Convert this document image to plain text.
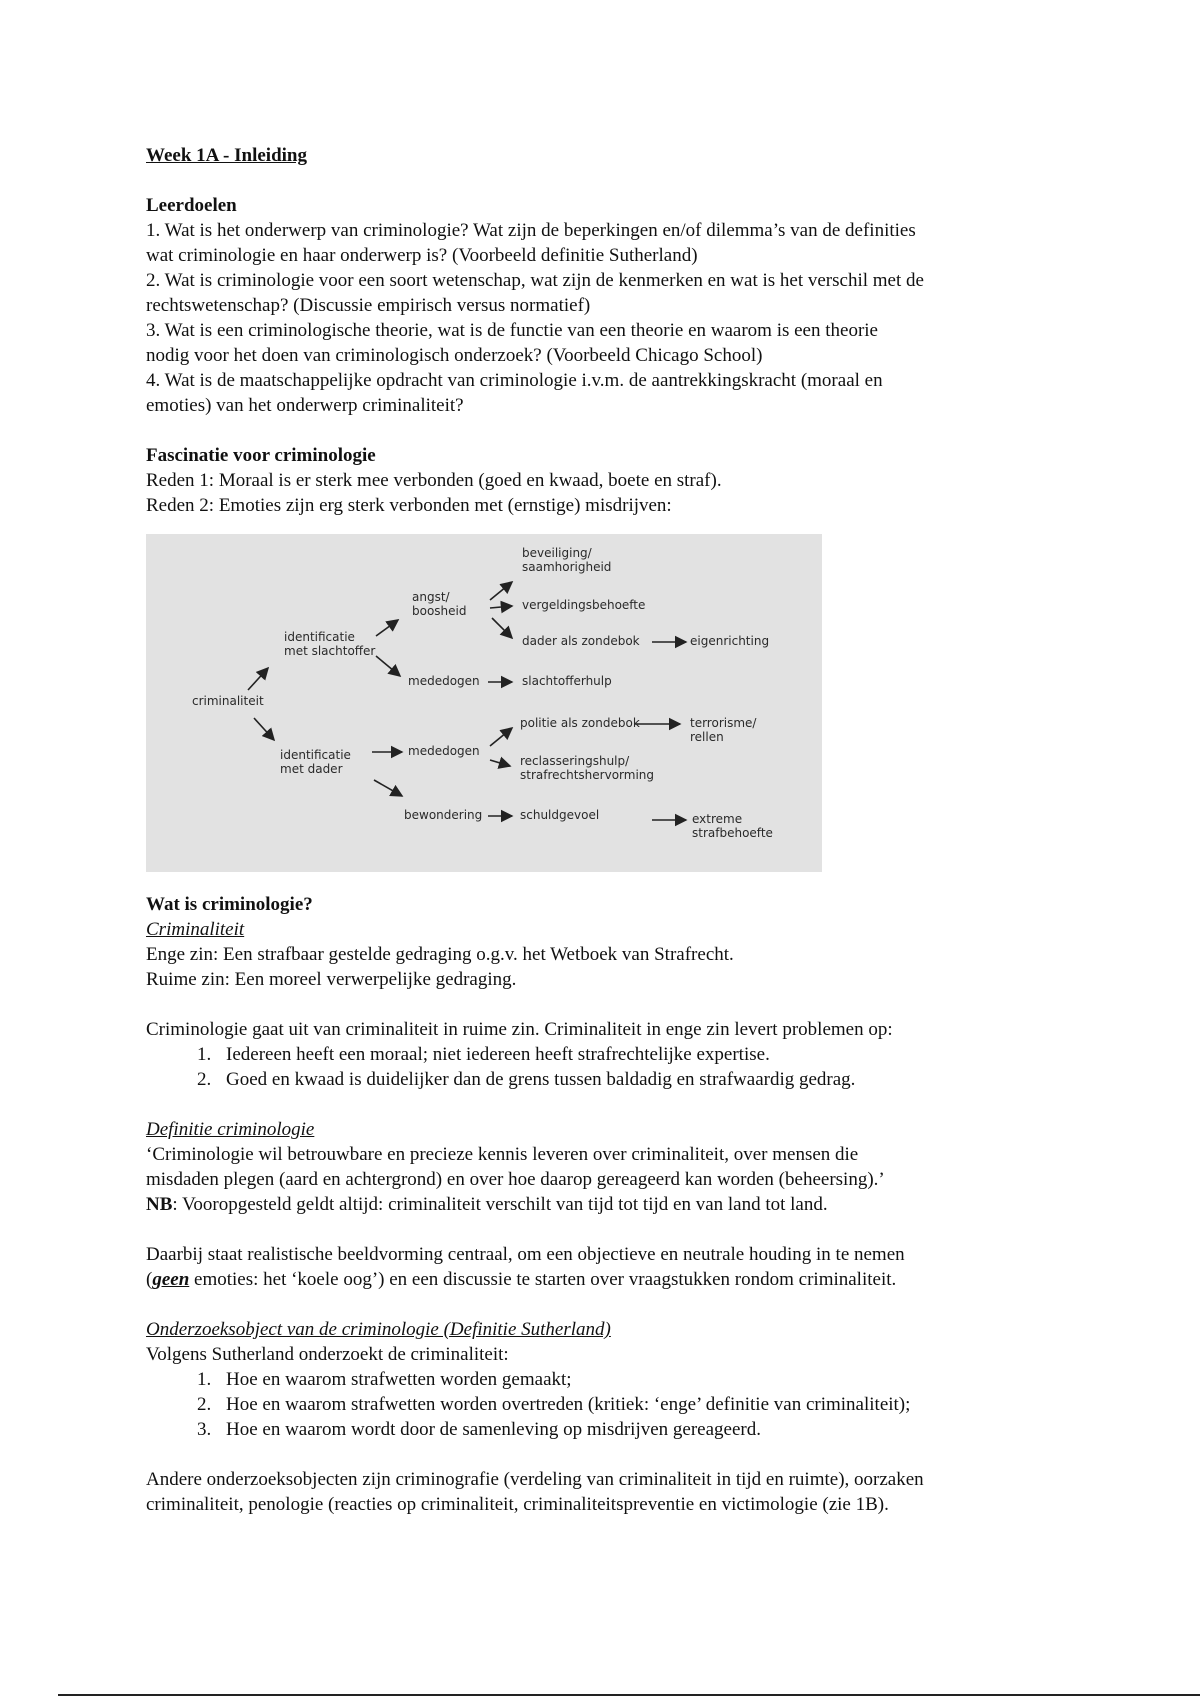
Week 1A - Inleiding

Leerdoelen

1. Wat is het onderwerp van criminologie? Wat zijn de beperkingen en/of dilemma’s van de definities

wat criminologie en haar onderwerp is? (Voorbeeld definitie Sutherland)

2. Wat is criminologie voor een soort wetenschap, wat zijn de kenmerken en wat is het verschil met de

rechtswetenschap? (Discussie empirisch versus normatief)

3. Wat is een criminologische theorie, wat is de functie van een theorie en waarom is een theorie

nodig voor het doen van criminologisch onderzoek? (Voorbeeld Chicago School)

4. Wat is de maatschappelijke opdracht van criminologie i.v.m. de aantrekkingskracht (moraal en

emoties) van het onderwerp criminaliteit?

Fascinatie voor criminologie

Reden 1: Moraal is er sterk mee verbonden (goed en kwaad, boete en straf).

Reden 2: Emoties zijn erg sterk verbonden met (ernstige) misdrijven:

criminaliteit
identificatie
met slachtoffer
angst/
boosheid
mededogen
beveiliging/
saamhorigheid
vergeldingsbehoefte
dader als zondebok	eigenrichting
slachtofferhulp
identificatie
met dader
mededogen
politie als zondebok	terrorisme/
rellen
reclasseringshulp/
strafrechtshervorming
bewondering	schuldgevoel	extreme
strafbehoefte

Wat is criminologie?

Criminaliteit

Enge zin: Een strafbaar gestelde gedraging o.g.v. het Wetboek van Strafrecht.

Ruime zin: Een moreel verwerpelijke gedraging.

Criminologie gaat uit van criminaliteit in ruime zin. Criminaliteit in enge zin levert problemen op:

1. Iedereen heeft een moraal; niet iedereen heeft strafrechtelijke expertise.
2. Goed en kwaad is duidelijker dan de grens tussen baldadig en strafwaardig gedrag.

Definitie criminologie

‘Criminologie wil betrouwbare en precieze kennis leveren over criminaliteit, over mensen die

misdaden plegen (aard en achtergrond) en over hoe daarop gereageerd kan worden (beheersing).’

NB: Vooropgesteld geldt altijd: criminaliteit verschilt van tijd tot tijd en van land tot land.

Daarbij staat realistische beeldvorming centraal, om een objectieve en neutrale houding in te nemen

(geen emoties: het ‘koele oog’) en een discussie te starten over vraagstukken rondom criminaliteit.

Onderzoeksobject van de criminologie (Definitie Sutherland)

Volgens Sutherland onderzoekt de criminaliteit:

1. Hoe en waarom strafwetten worden gemaakt;
2. Hoe en waarom strafwetten worden overtreden (kritiek: ‘enge’ definitie van criminaliteit);
3. Hoe en waarom wordt door de samenleving op misdrijven gereageerd.

Andere onderzoeksobjecten zijn criminografie (verdeling van criminaliteit in tijd en ruimte), oorzaken

criminaliteit, penologie (reacties op criminaliteit, criminaliteitspreventie en victimologie (zie 1B).
